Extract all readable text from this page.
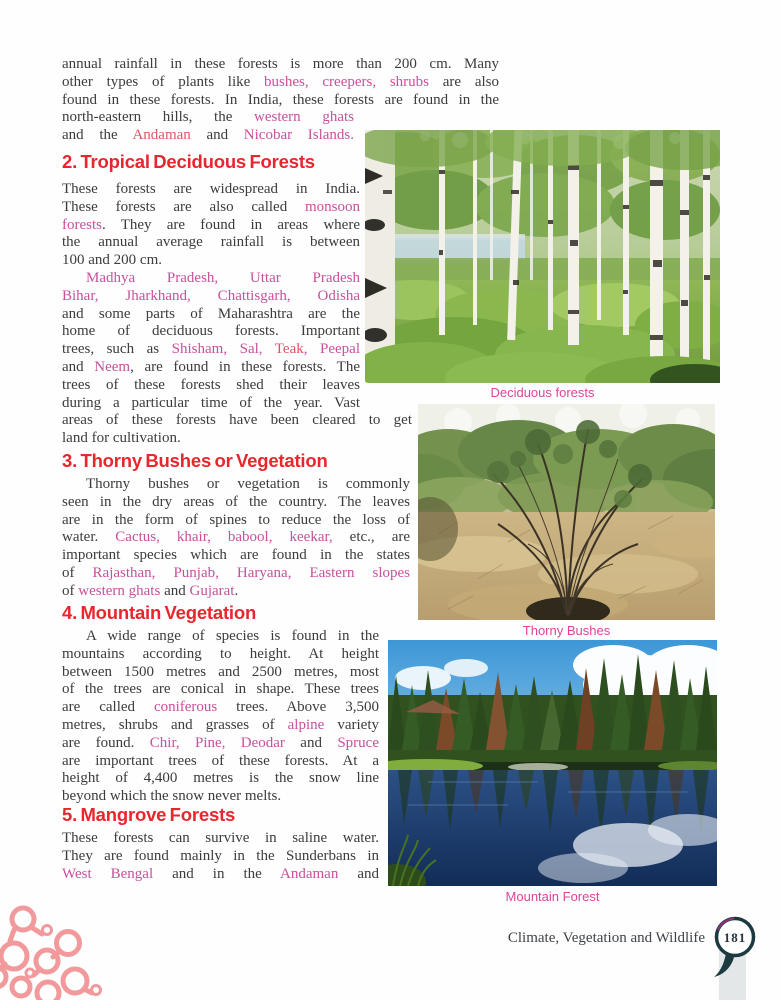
annual rainfall in these forests is more than 200 cm. Many
other types of plants like bushes, creepers, shrubs are also
found in these forests. In India, these forests are found in the
north-eastern hills, the western ghats
and the Andaman and Nicobar Islands.
2. Tropical Deciduous Forests
These forests are widespread in India.
These forests are also called monsoon
forests. They are found in areas where
the annual average rainfall is between
100 and 200 cm.
Madhya Pradesh, Uttar Pradesh
Bihar, Jharkhand, Chattisgarh, Odisha
and some parts of Maharashtra are the
home of deciduous forests. Important
trees, such as Shisham, Sal, Teak, Peepal
and Neem, are found in these forests. The
trees of these forests shed their leaves
during a particular time of the year. Vast
areas of these forests have been cleared to get
land for cultivation.
3. Thorny Bushes or Vegetation
Thorny bushes or vegetation is commonly
seen in the dry areas of the country. The leaves
are in the form of spines to reduce the loss of
water. Cactus, khair, babool, keekar, etc., are
important species which are found in the states
of Rajasthan, Punjab, Haryana, Eastern slopes
of western ghats and Gujarat.
4. Mountain Vegetation
A wide range of species is found in the
mountains according to height. At height
between 1500 metres and 2500 metres, most
of the trees are conical in shape. These trees
are called coniferous trees. Above 3,500
metres, shrubs and grasses of alpine variety
are found. Chir, Pine, Deodar and Spruce
are important trees of these forests. At a
height of 4,400 metres is the snow line
beyond which the snow never melts.
5. Mangrove Forests
These forests can survive in saline water.
They are found mainly in the Sunderbans in
West Bengal and in the Andaman and
Deciduous forests
Thorny Bushes
Mountain Forest
Climate, Vegetation and Wildlife 181
